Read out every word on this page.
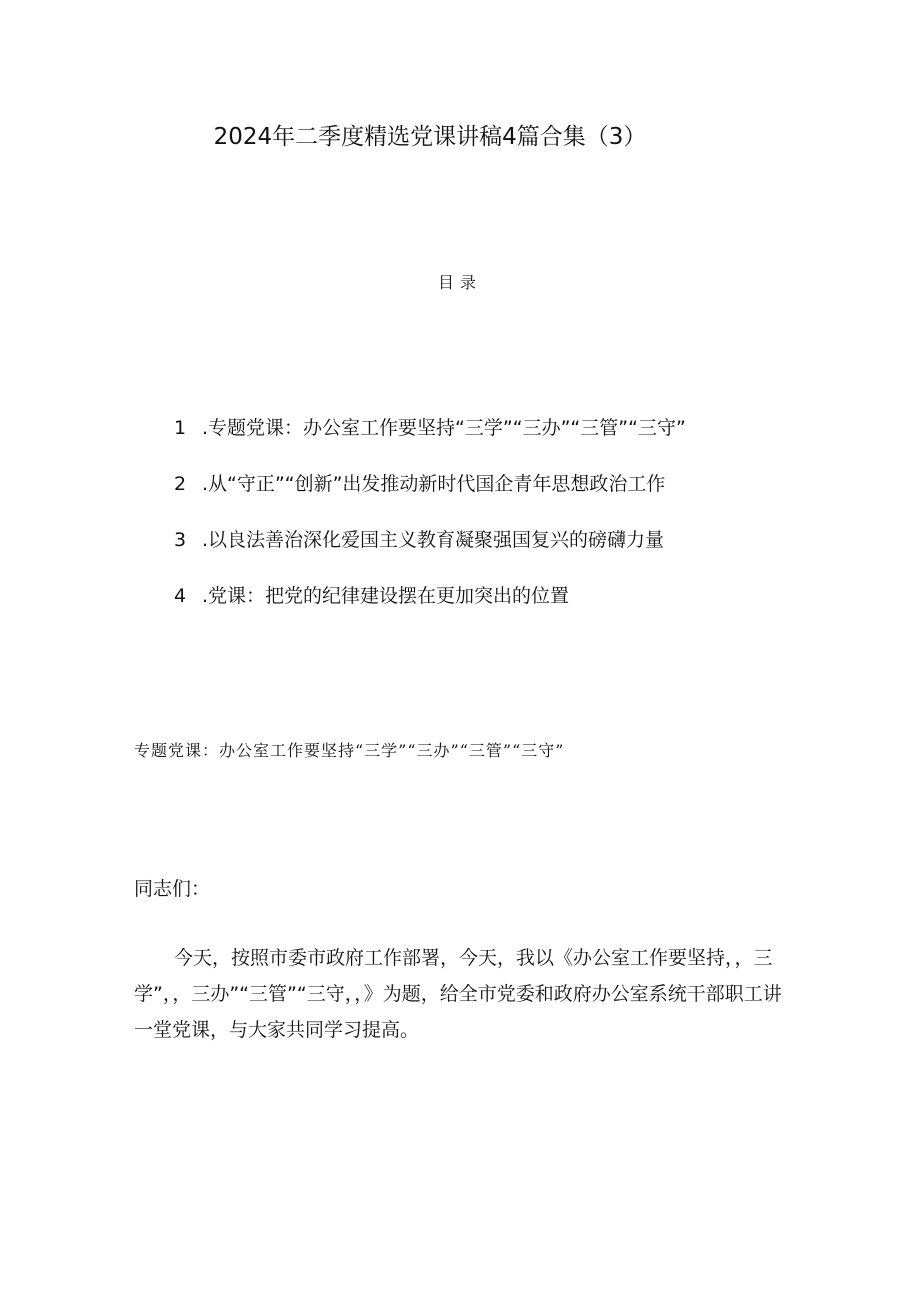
2024年二季度精选党课讲稿4篇合集（3）
目录
1 .专题党课：办公室工作要坚持“三学”“三办”“三管”“三守”
2 .从“守正”“创新”出发推动新时代国企青年思想政治工作
3 .以良法善治深化爱国主义教育凝聚强国复兴的磅礴力量
4 .党课：把党的纪律建设摆在更加突出的位置
专题党课：办公室工作要坚持“三学”“三办”“三管”“三守”
同志们：
今天，按照市委市政府工作部署，今天，我以《办公室工作要坚持，，三学”，，三办”“三管”“三守，，》为题，给全市党委和政府办公室系统干部职工讲一堂党课，与大家共同学习提高。
